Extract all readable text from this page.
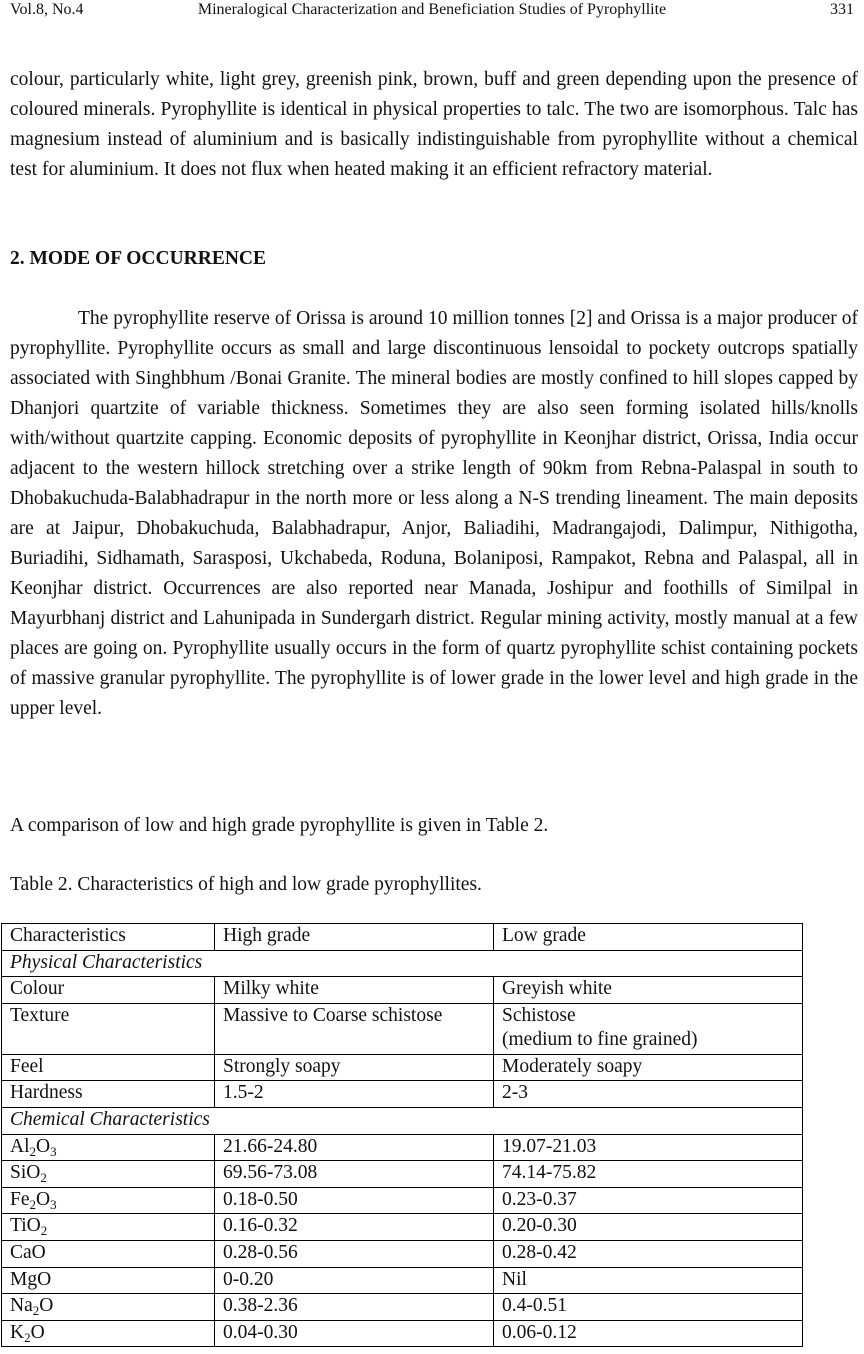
Vol.8, No.4	Mineralogical Characterization and Beneficiation Studies of Pyrophyllite	331

colour, particularly white, light grey, greenish pink, brown, buff and green depending upon the presence of coloured minerals. Pyrophyllite is identical in physical properties to talc. The two are isomorphous. Talc has magnesium instead of aluminium and is basically indistinguishable from pyrophyllite without a chemical test for aluminium. It does not flux when heated making it an efficient refractory material.

2. MODE OF OCCURRENCE

The pyrophyllite reserve of Orissa is around 10 million tonnes [2] and Orissa is a major producer of pyrophyllite. Pyrophyllite occurs as small and large discontinuous lensoidal to pockety outcrops spatially associated with Singhbhum /Bonai Granite. The mineral bodies are mostly confined to hill slopes capped by Dhanjori quartzite of variable thickness. Sometimes they are also seen forming isolated hills/knolls with/without quartzite capping. Economic deposits of pyrophyllite in Keonjhar district, Orissa, India occur adjacent to the western hillock stretching over a strike length of 90km from Rebna-Palaspal in south to Dhobakuchuda-Balabhadrapur in the north more or less along a N-S trending lineament. The main deposits are at Jaipur, Dhobakuchuda, Balabhadrapur, Anjor, Baliadihi, Madrangajodi, Dalimpur, Nithigotha, Buriadihi, Sidhamath, Sarasposi, Ukchabeda, Roduna, Bolaniposi, Rampakot, Rebna and Palaspal, all in Keonjhar district. Occurrences are also reported near Manada, Joshipur and foothills of Similpal in Mayurbhanj district and Lahunipada in Sundergarh district. Regular mining activity, mostly manual at a few places are going on. Pyrophyllite usually occurs in the form of quartz pyrophyllite schist containing pockets of massive granular pyrophyllite. The pyrophyllite is of lower grade in the lower level and high grade in the upper level.

A comparison of low and high grade pyrophyllite is given in Table 2.

Table 2. Characteristics of high and low grade pyrophyllites.

Characteristics	High grade	Low grade
Physical Characteristics		
Colour	Milky white	Greyish white
Texture	Massive to Coarse schistose	Schistose
(medium to fine grained)
Feel	Strongly soapy	Moderately soapy
Hardness	1.5-2	2-3
Chemical Characteristics		
$Al_2O_3$	21.66-24.80	19.07-21.03
SiO$_2$	69.56-73.08	74.14-75.82
$Fe_2O_3$	0.18-0.50	0.23-0.37
TiO$_2$	0.16-0.32	0.20-0.30
CaO	0.28-0.56	0.28-0.42
MgO	0-0.20	Nil
$Na_2O$	0.38-2.36	0.4-0.51
$K_2O$	0.04-0.30	0.06-0.12
